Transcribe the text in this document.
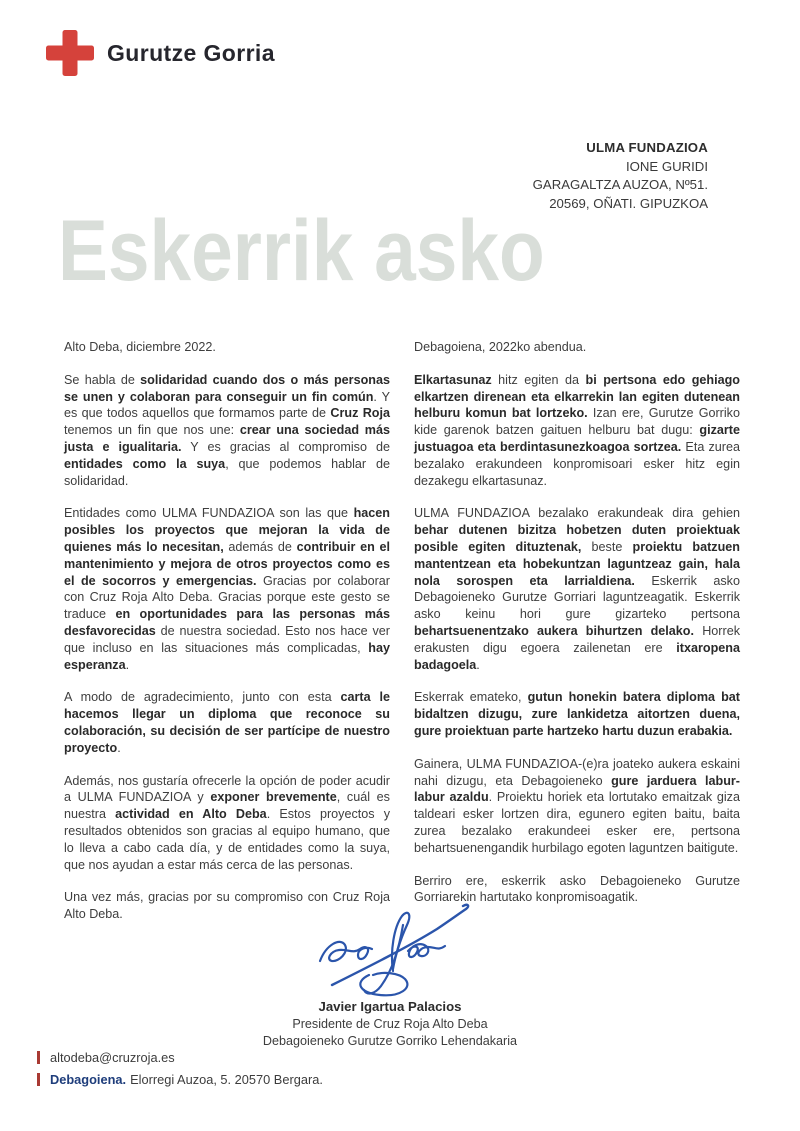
Gurutze Gorria
ULMA FUNDAZIOA
IONE GURIDI
GARAGALTZA AUZOA, Nº51.
20569, OÑATI. GIPUZKOA
Eskerrik asko

Alto Deba, diciembre 2022.

Se habla de solidaridad cuando dos o más personas se unen y colaboran para conseguir un fin común. Y es que todos aquellos que formamos parte de Cruz Roja tenemos un fin que nos une: crear una sociedad más justa e igualitaria. Y es gracias al compromiso de entidades como la suya, que podemos hablar de solidaridad.

Entidades como ULMA FUNDAZIOA son las que hacen posibles los proyectos que mejoran la vida de quienes más lo necesitan, además de contribuir en el mantenimiento y mejora de otros proyectos como es el de socorros y emergencias. Gracias por colaborar con Cruz Roja Alto Deba. Gracias porque este gesto se traduce en oportunidades para las personas más desfavorecidas de nuestra sociedad. Esto nos hace ver que incluso en las situaciones más complicadas, hay esperanza.

A modo de agradecimiento, junto con esta carta le hacemos llegar un diploma que reconoce su colaboración, su decisión de ser partícipe de nuestro proyecto.

Además, nos gustaría ofrecerle la opción de poder acudir a ULMA FUNDAZIOA y exponer brevemente, cuál es nuestra actividad en Alto Deba. Estos proyectos y resultados obtenidos son gracias al equipo humano, que lo lleva a cabo cada día, y de entidades como la suya, que nos ayudan a estar más cerca de las personas.

Una vez más, gracias por su compromiso con Cruz Roja Alto Deba.

Debagoiena, 2022ko abendua.

Elkartasunaz hitz egiten da bi pertsona edo gehiago elkartzen direnean eta elkarrekin lan egiten dutenean helburu komun bat lortzeko. Izan ere, Gurutze Gorriko kide garenok batzen gaituen helburu bat dugu: gizarte justuagoa eta berdintasunezkoagoa sortzea. Eta zurea bezalako erakundeen konpromisoari esker hitz egin dezakegu elkartasunaz.

ULMA FUNDAZIOA bezalako erakundeak dira gehien behar dutenen bizitza hobetzen duten proiektuak posible egiten dituztenak, beste proiektu batzuen mantentzean eta hobekuntzan laguntzeaz gain, hala nola sorospen eta larrialdiena. Eskerrik asko Debagoieneko Gurutze Gorriari laguntzeagatik. Eskerrik asko keinu hori gure gizarteko pertsona behartsuenentzako aukera bihurtzen delako. Horrek erakusten digu egoera zailenetan ere itxaropena badagoela.

Eskerrak emateko, gutun honekin batera diploma bat bidaltzen dizugu, zure lankidetza aitortzen duena, gure proiektuan parte hartzeko hartu duzun erabakia.

Gainera, ULMA FUNDAZIOA-(e)ra joateko aukera eskaini nahi dizugu, eta Debagoieneko gure jarduera labur-labur azaldu. Proiektu horiek eta lortutako emaitzak giza taldeari esker lortzen dira, egunero egiten baitu, baita zurea bezalako erakundeei esker ere, pertsona behartsuenengandik hurbilago egoten laguntzen baitigute.

Berriro ere, eskerrik asko Debagoieneko Gurutze Gorriarekin hartutako konpromisoagatik.

Javier Igartua Palacios
Presidente de Cruz Roja Alto Deba
Debagoieneko Gurutze Gorriko Lehendakaria
altodeba@cruzroja.es
Debagoiena. Elorregi Auzoa, 5. 20570 Bergara.
